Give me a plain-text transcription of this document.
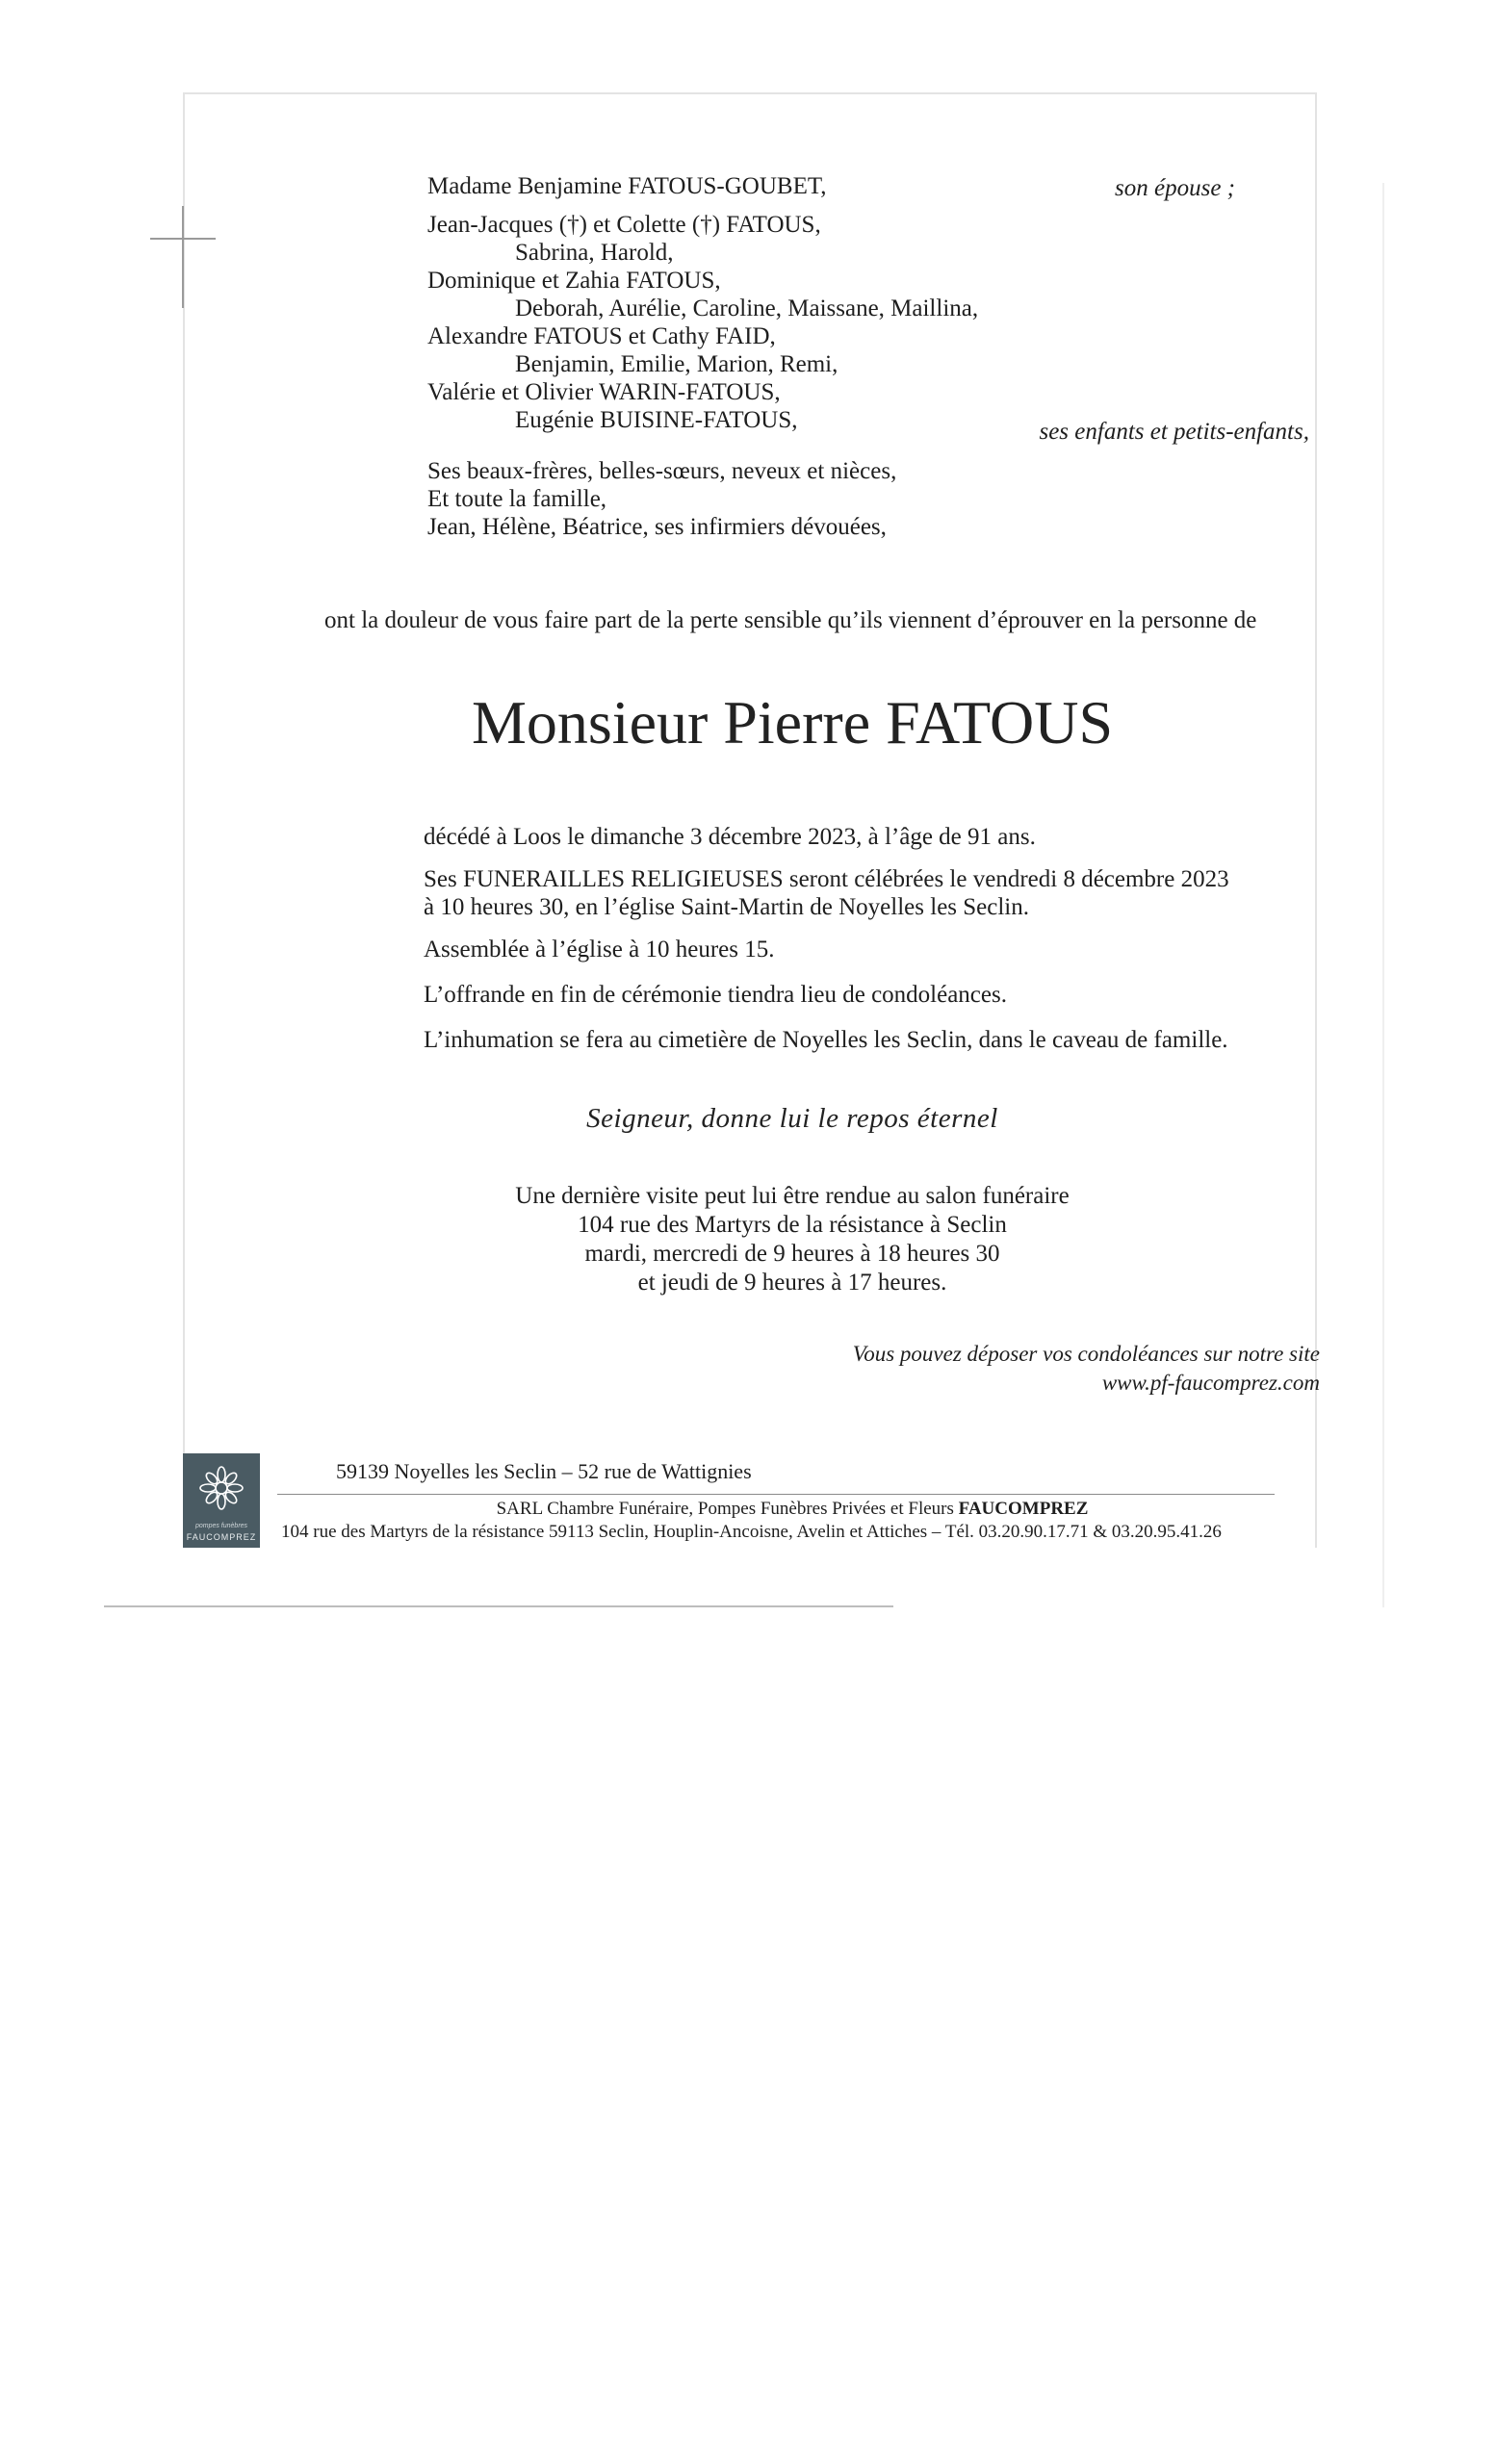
Madame Benjamine FATOUS-GOUBET,	son épouse ;
Jean-Jacques (†) et Colette (†) FATOUS,
Sabrina, Harold,
Dominique et Zahia FATOUS,
Deborah, Aurélie, Caroline, Maissane, Maillina,
Alexandre FATOUS et Cathy FAID,
Benjamin, Emilie, Marion, Remi,
Valérie et Olivier WARIN-FATOUS,
Eugénie BUISINE-FATOUS,	ses enfants et petits-enfants,
Ses beaux-frères, belles-sœurs, neveux et nièces,
Et toute la famille,
Jean, Hélène, Béatrice, ses infirmiers dévouées,
ont la douleur de vous faire part de la perte sensible qu’ils viennent d’éprouver en la personne de
Monsieur Pierre FATOUS
décédé à Loos le dimanche 3 décembre 2023, à l’âge de 91 ans.
Ses FUNERAILLES RELIGIEUSES seront célébrées le vendredi 8 décembre 2023
à 10 heures 30, en l’église Saint-Martin de Noyelles les Seclin.
Assemblée à l’église à 10 heures 15.
L’offrande en fin de cérémonie tiendra lieu de condoléances.
L’inhumation se fera au cimetière de Noyelles les Seclin, dans le caveau de famille.
Seigneur, donne lui le repos éternel
Une dernière visite peut lui être rendue au salon funéraire
104 rue des Martyrs de la résistance à Seclin
mardi, mercredi de 9 heures à 18 heures 30
et jeudi de 9 heures à 17 heures.
Vous pouvez déposer vos condoléances sur notre site
www.pf-faucomprez.com
pompes funèbres
FAUCOMPREZ
59139 Noyelles les Seclin – 52 rue de Wattignies
SARL Chambre Funéraire, Pompes Funèbres Privées et Fleurs FAUCOMPREZ
104 rue des Martyrs de la résistance 59113 Seclin, Houplin-Ancoisne, Avelin et Attiches – Tél. 03.20.90.17.71 & 03.20.95.41.26
